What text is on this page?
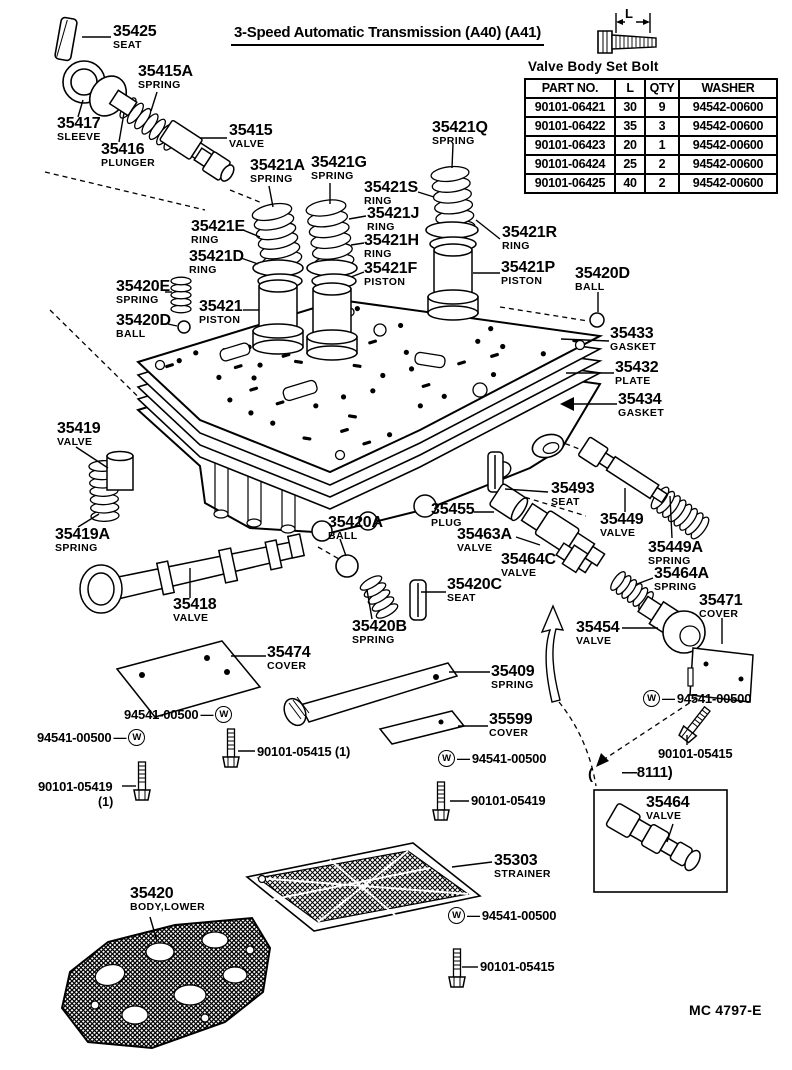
3-Speed Automatic Transmission (A40) (A41)
L
Valve Body Set Bolt
PART NO.	L	QTY	WASHER
90101-06421	30	9	94542-00600
90101-06422	35	3	94542-00600
90101-06423	20	1	94542-00600
90101-06424	25	2	94542-00600
90101-06425	40	2	94542-00600
35425
SEAT
35415A
SPRING
35417
SLEEVE
35416
PLUNGER
35415
VALVE
35421Q
SPRING
35421A
SPRING
35421G
SPRING
35421S
RING
35421E
RING
35421J
RING
35421H
RING
35421D
RING
35421R
RING
35421F
PISTON
35421P
PISTON	35420D
BALL
35420E
SPRING	35421
PISTON
35420D
BALL	35433
GASKET
35432
PLATE
35434
GASKET
35419
VALVE
35419A
SPRING
35493
SEAT
35455
PLUG
35463A
VALVE
35449
VALVE
35449A
SPRING
35464C
VALVE	35464A
SPRING
35420A
BALL
35420C
SEAT
35418
VALVE	35420B
SPRING
35454
VALVE
35471
COVER
35474
COVER	35409
SPRING
35599
COVER
35464
VALVE
35303
STRAINER
35420
BODY,LOWER
94541-00500 — W
94541-00500 — W
90101-05415 (1)	W — 94541-00500
W — 94541-00500
90101-05415
90101-05419
(1)	90101-05419
W — 94541-00500
90101-05415
( —8111)
MC 4797-E
